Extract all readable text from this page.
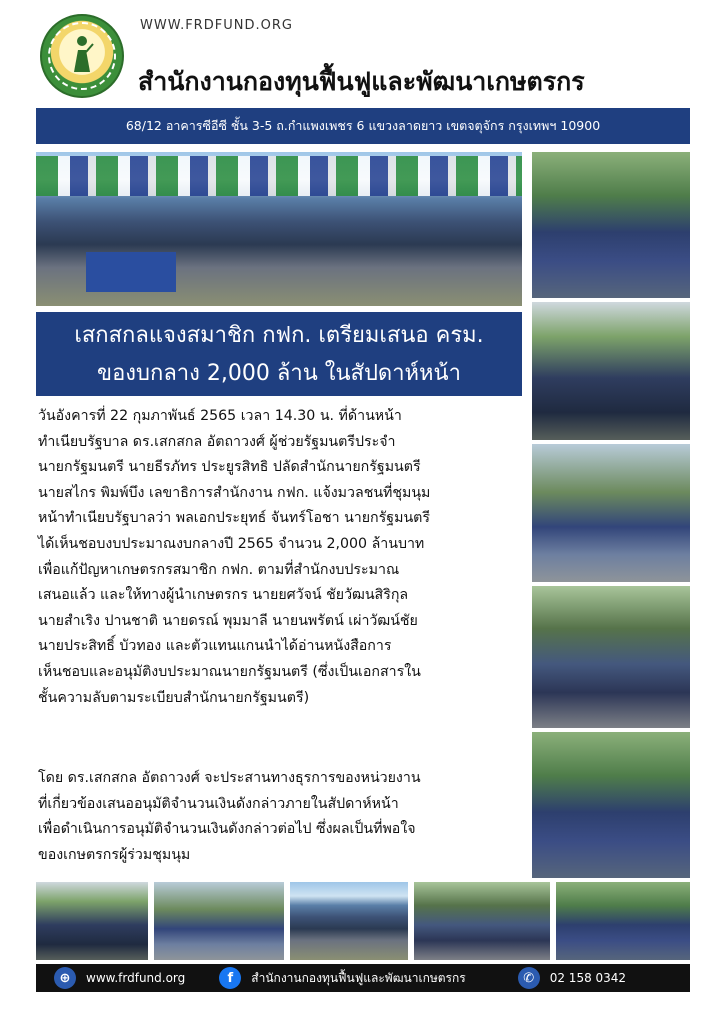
WWW.FRDFUND.ORG
สำนักงานกองทุนฟื้นฟูและพัฒนาเกษตรกร
68/12 อาคารซีอีซี ชั้น 3-5 ถ.กำแพงเพชร 6 แขวงลาดยาว เขตจตุจักร กรุงเทพฯ 10900
เสกสกลแจงสมาชิก กฟก. เตรียมเสนอ ครม.
ของบกลาง 2,000 ล้าน ในสัปดาห์หน้า
วันอังคารที่ 22 กุมภาพันธ์ 2565 เวลา 14.30 น. ที่ด้านหน้า
ทำเนียบรัฐบาล ดร.เสกสกล อัตถาวงศ์ ผู้ช่วยรัฐมนตรีประจำ
นายกรัฐมนตรี นายธีรภัทร ประยูรสิทธิ ปลัดสำนักนายกรัฐมนตรี
นายสไกร พิมพ์บึง เลขาธิการสำนักงาน กฟก. แจ้งมวลชนที่ชุมนุม
หน้าทำเนียบรัฐบาลว่า พลเอกประยุทธ์ จันทร์โอชา นายกรัฐมนตรี
ได้เห็นชอบงบประมาณงบกลางปี 2565 จำนวน 2,000 ล้านบาท
เพื่อแก้ปัญหาเกษตรกรสมาชิก กฟก. ตามที่สำนักงบประมาณ
เสนอแล้ว และให้ทางผู้นำเกษตรกร นายยศวัจน์ ชัยวัฒนสิริกุล
นายสำเริง ปานชาติ นายดรณ์ พุมมาลี นายนพรัตน์ เผ่าวัฒน์ชัย
นายประสิทธิ์ บัวทอง และตัวแทนแกนนำได้อ่านหนังสือการ
เห็นชอบและอนุมัติงบประมาณนายกรัฐมนตรี (ซึ่งเป็นเอกสารใน
ชั้นความลับตามระเบียบสำนักนายกรัฐมนตรี)
โดย ดร.เสกสกล อัตถาวงศ์ จะประสานทางธุรการของหน่วยงาน
ที่เกี่ยวข้องเสนออนุมัติจำนวนเงินดังกล่าวภายในสัปดาห์หน้า
เพื่อดำเนินการอนุมัติจำนวนเงินดังกล่าวต่อไป ซึ่งผลเป็นที่พอใจ
ของเกษตรกรผู้ร่วมชุมนุม
⊕	www.frdfund.org	f	สำนักงานกองทุนฟื้นฟูและพัฒนาเกษตรกร	✆	02 158 0342
